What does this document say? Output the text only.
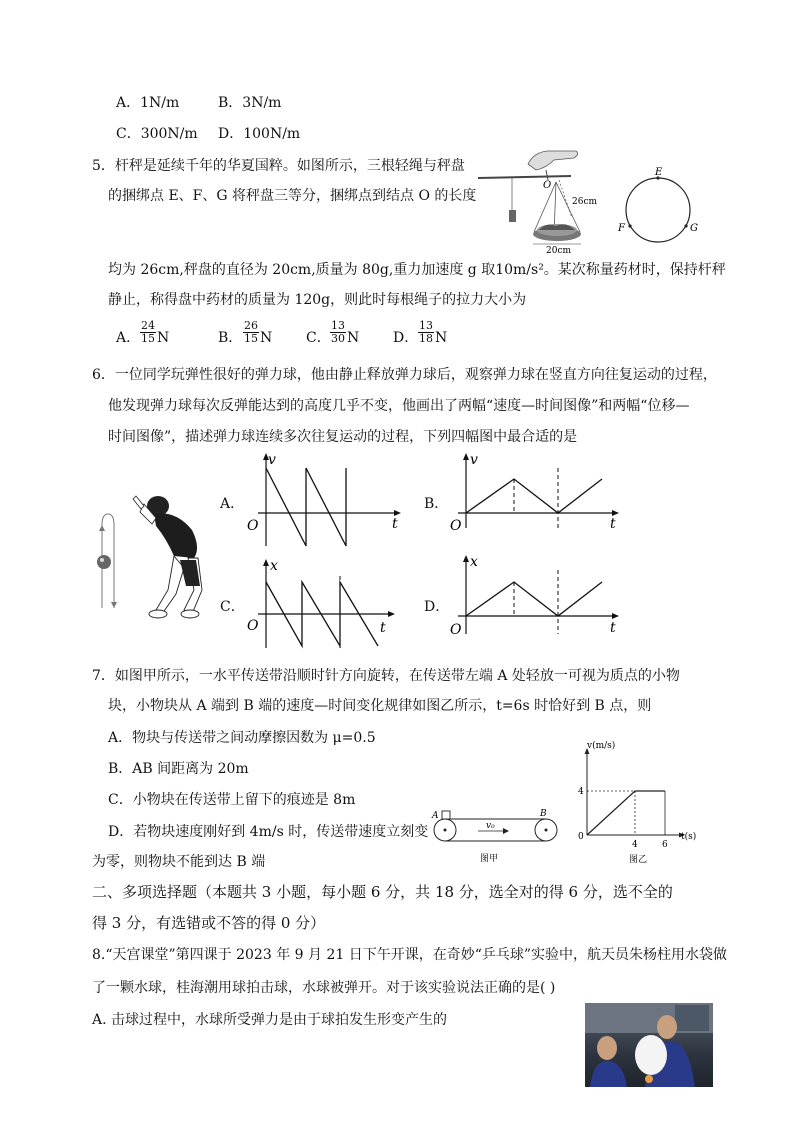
A．1N/m	B．3N/m
C．300N/m D．100N/m
5．杆秤是延续千年的华夏国粹。如图所示，三根轻绳与秤盘
的捆绑点 E、F、G 将秤盘三等分，捆绑点到结点 O 的长度
均为 26cm,秤盘的直径为 20cm,质量为 80g,重力加速度 g 取10m/s²。某次称量药材时，保持杆秤
静止，称得盘中药材的质量为 120g，则此时每根绳子的拉力大小为
A． $\frac{24}{15}$ N	B． $\frac{26}{15}$ N C． $\frac{13}{30}$ N D． $\frac{13}{18}$ N
26cm
20cm
O
E
F	G
6．一位同学玩弹性很好的弹力球，他由静止释放弹力球后，观察弹力球在竖直方向往复运动的过程，
他发现弹力球每次反弹能达到的高度几乎不变，他画出了两幅“速度—时间图像”和两幅“位移—
时间图像”，描述弹力球连续多次往复运动的过程，下列四幅图中最合适的是
A．	B．
C．	D．
v
t
O
v
t
O
x
t
O
x
t
O
7．如图甲所示，一水平传送带沿顺时针方向旋转，在传送带左端 A 处轻放一可视为质点的小物
块，小物块从 A 端到 B 端的速度—时间变化规律如图乙所示，t=6s 时恰好到 B 点，则
A．物块与传送带之间动摩擦因数为 μ=0.5
B．AB 间距离为 20m
C．小物块在传送带上留下的痕迹是 8m
D．若物块速度刚好到 4m/s 时，传送带速度立刻变
为零，则物块不能到达 B 端
A	B
v₀
图甲
v(m/s)
t(s)
0
4
4	6
图乙
二、多项选择题（本题共 3 小题，每小题 6 分，共 18 分，选全对的得 6 分，选不全的
得 3 分，有选错或不答的得 0 分）
8.“天宫课堂”第四课于 2023 年 9 月 21 日下午开课，在奇妙“乒乓球”实验中，航天员朱杨柱用水袋做
了一颗水球，桂海潮用球拍击球，水球被弹开。对于该实验说法正确的是( )
A. 击球过程中，水球所受弹力是由于球拍发生形变产生的
